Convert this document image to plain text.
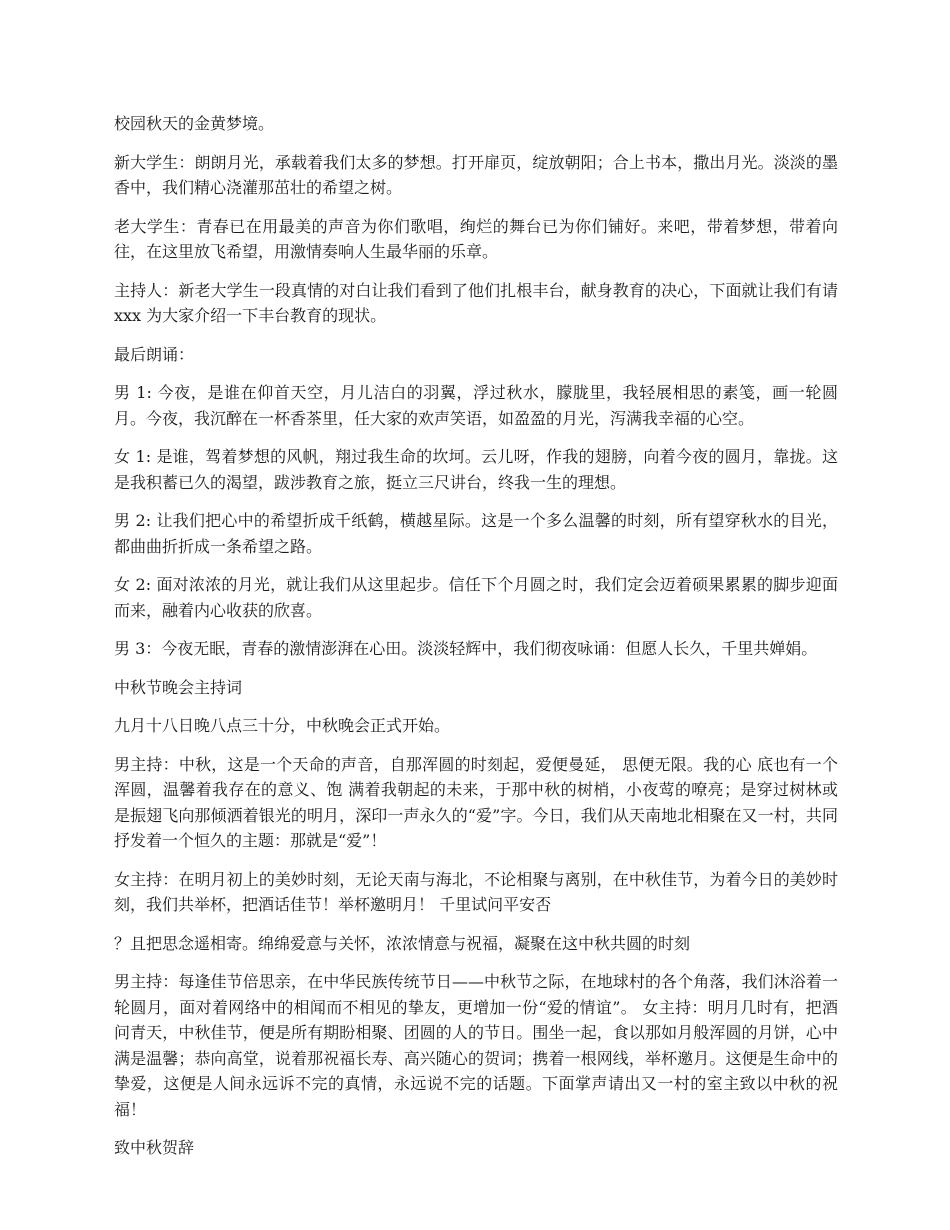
校园秋天的金黄梦境。

新大学生：朗朗月光，承载着我们太多的梦想。打开扉页，绽放朝阳；合上书本，撒出月光。淡淡的墨香中，我们精心浇灌那茁壮的希望之树。

老大学生：青春已在用最美的声音为你们歌唱，绚烂的舞台已为你们铺好。来吧，带着梦想，带着向往，在这里放飞希望，用激情奏响人生最华丽的乐章。

主持人：新老大学生一段真情的对白让我们看到了他们扎根丰台，献身教育的决心，下面就让我们有请 xxx 为大家介绍一下丰台教育的现状。

最后朗诵：

男 1: 今夜，是谁在仰首天空，月儿洁白的羽翼，浮过秋水，朦胧里，我轻展相思的素笺，画一轮圆月。今夜，我沉醉在一杯香茶里，任大家的欢声笑语，如盈盈的月光，泻满我幸福的心空。

女 1: 是谁，驾着梦想的风帆，翔过我生命的坎坷。云儿呀，作我的翅膀，向着今夜的圆月，靠拢。这是我积蓄已久的渴望，跋涉教育之旅，挺立三尺讲台，终我一生的理想。

男 2: 让我们把心中的希望折成千纸鹤，横越星际。这是一个多么温馨的时刻，所有望穿秋水的目光，都曲曲折折成一条希望之路。

女 2: 面对浓浓的月光，就让我们从这里起步。信任下个月圆之时，我们定会迈着硕果累累的脚步迎面而来，融着内心收获的欣喜。

男 3：今夜无眠，青春的激情澎湃在心田。淡淡轻辉中，我们彻夜咏诵：但愿人长久，千里共婵娟。

中秋节晚会主持词

九月十八日晚八点三十分，中秋晚会正式开始。

男主持：中秋，这是一个天命的声音，自那浑圆的时刻起，爱便曼延， 思便无限。我的心 底也有一个浑圆，温馨着我存在的意义、饱 满着我朝起的未来，于那中秋的树梢，小夜莺的嘹亮；是穿过树林或是振翅飞向那倾洒着银光的明月，深印一声永久的“爱”字。今日，我们从天南地北相聚在又一村，共同抒发着一个恒久的主题：那就是“爱”！

女主持：在明月初上的美妙时刻，无论天南与海北，不论相聚与离别，在中秋佳节，为着今日的美妙时刻，我们共举杯，把酒话佳节！举杯邀明月！ 千里试问平安否

？且把思念遥相寄。绵绵爱意与关怀，浓浓情意与祝福，凝聚在这中秋共圆的时刻

男主持：每逢佳节倍思亲，在中华民族传统节日——中秋节之际，在地球村的各个角落，我们沐浴着一轮圆月，面对着网络中的相闻而不相见的挚友，更增加一份“爱的情谊”。 女主持：明月几时有，把酒问青天，中秋佳节，便是所有期盼相聚、团圆的人的节日。围坐一起，食以那如月般浑圆的月饼，心中满是温馨；恭向高堂，说着那祝福长寿、高兴随心的贺词；携着一根网线，举杯邀月。这便是生命中的挚爱，这便是人间永远诉不完的真情，永远说不完的话题。下面掌声请出又一村的室主致以中秋的祝福！

致中秋贺辞
